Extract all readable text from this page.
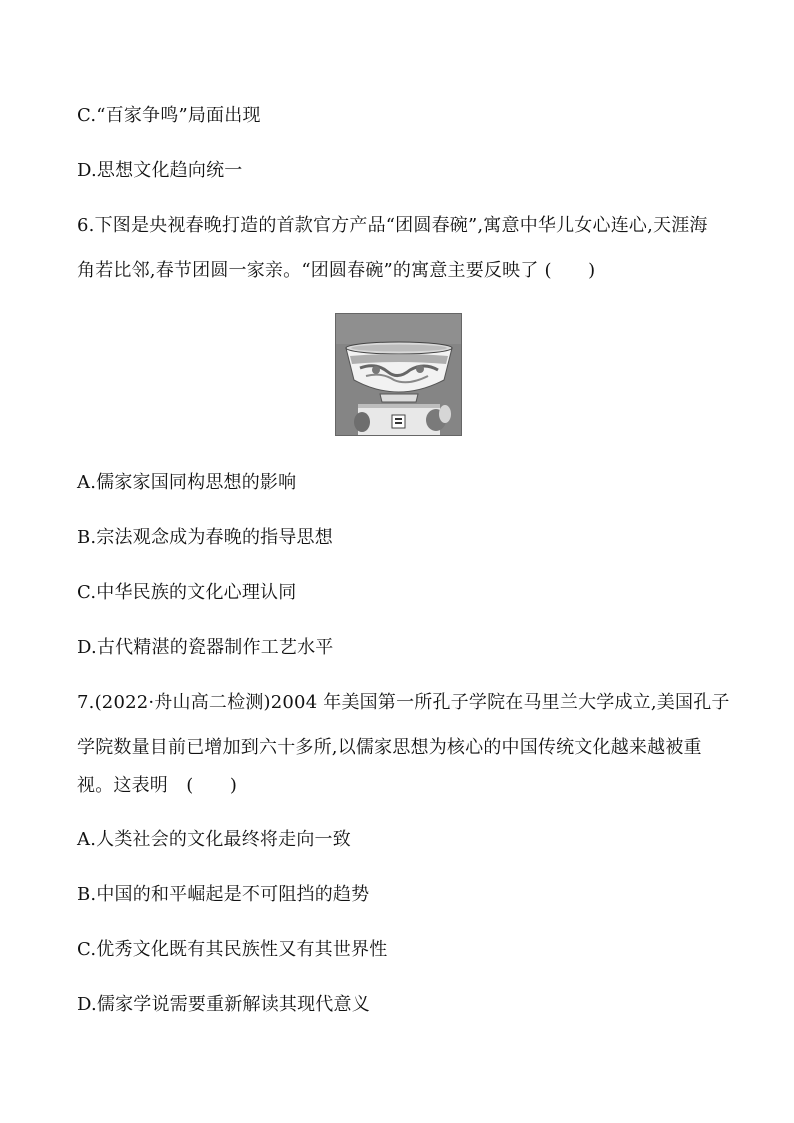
C.“百家争鸣”局面出现
D.思想文化趋向统一
6.下图是央视春晚打造的首款官方产品“团圆春碗”,寓意中华儿女心连心,天涯海
角若比邻,春节团圆一家亲。“团圆春碗”的寓意主要反映了 (　　)
A.儒家家国同构思想的影响
B.宗法观念成为春晚的指导思想
C.中华民族的文化心理认同
D.古代精湛的瓷器制作工艺水平
7.(2022·舟山高二检测)2004 年美国第一所孔子学院在马里兰大学成立,美国孔子
学院数量目前已增加到六十多所,以儒家思想为核心的中国传统文化越来越被重
视。这表明　(　　)
A.人类社会的文化最终将走向一致
B.中国的和平崛起是不可阻挡的趋势
C.优秀文化既有其民族性又有其世界性
D.儒家学说需要重新解读其现代意义
